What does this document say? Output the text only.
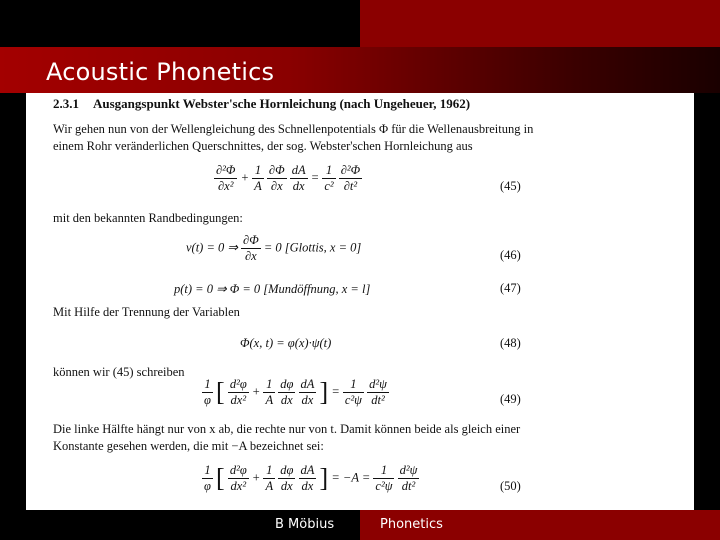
Acoustic Phonetics
2.3.1 Ausgangspunkt Webster'sche Hornleichung (nach Ungeheuer, 1962)
Wir gehen nun von der Wellengleichung des Schnellenpotentials Φ für die Wellenausbreitung in
einem Rohr veränderlichen Querschnittes, der sog. Webster'schen Hornleichung aus
$\frac{\text{∂²Φ}}{\text{∂x²}} + \frac{1}{A}$
$\frac{\partial\Phi}{\partial x}$
$\frac{dA}{dx} = \frac{1}{\text{c²}}$
$\frac{\text{∂²Φ}}{\text{∂t²}}$	(45)
mit den bekannten Randbedingungen:
v(t) = 0 ⇒ $\frac{\partial\Phi}{\partial x} = 0$ [Glottis, x = 0]
(46)
p(t) = 0 ⇒ Φ = 0 [Mundöffnung, x = l]	(47)
Mit Hilfe der Trennung der Variablen
Φ(x, t) = φ(x)·ψ(t)	(48)
können wir (45) schreiben
$\frac{1}{\varphi}$ [ $\frac{\text{d²φ}}{\text{dx²}} + \frac{1}{A}$
$\frac{d\varphi}{dx}$
$\frac{dA}{dx}$ ] = $\frac{1}{\text{c²ψ}}$
$\frac{\text{d²ψ}}{\text{dt²}}$	(49)
Die linke Hälfte hängt nur von x ab, die rechte nur von t. Damit können beide als gleich einer
Konstante gesehen werden, die mit −A bezeichnet sei:
$\frac{1}{\varphi}$ [ $\frac{\text{d²φ}}{\text{dx²}} + \frac{1}{A}$
$\frac{d\varphi}{dx}$
$\frac{dA}{dx}$ ] = $-A = \frac{1}{\text{c²ψ}}$
$\frac{\text{d²ψ}}{\text{dt²}}$	(50)
B Möbius	Phonetics
